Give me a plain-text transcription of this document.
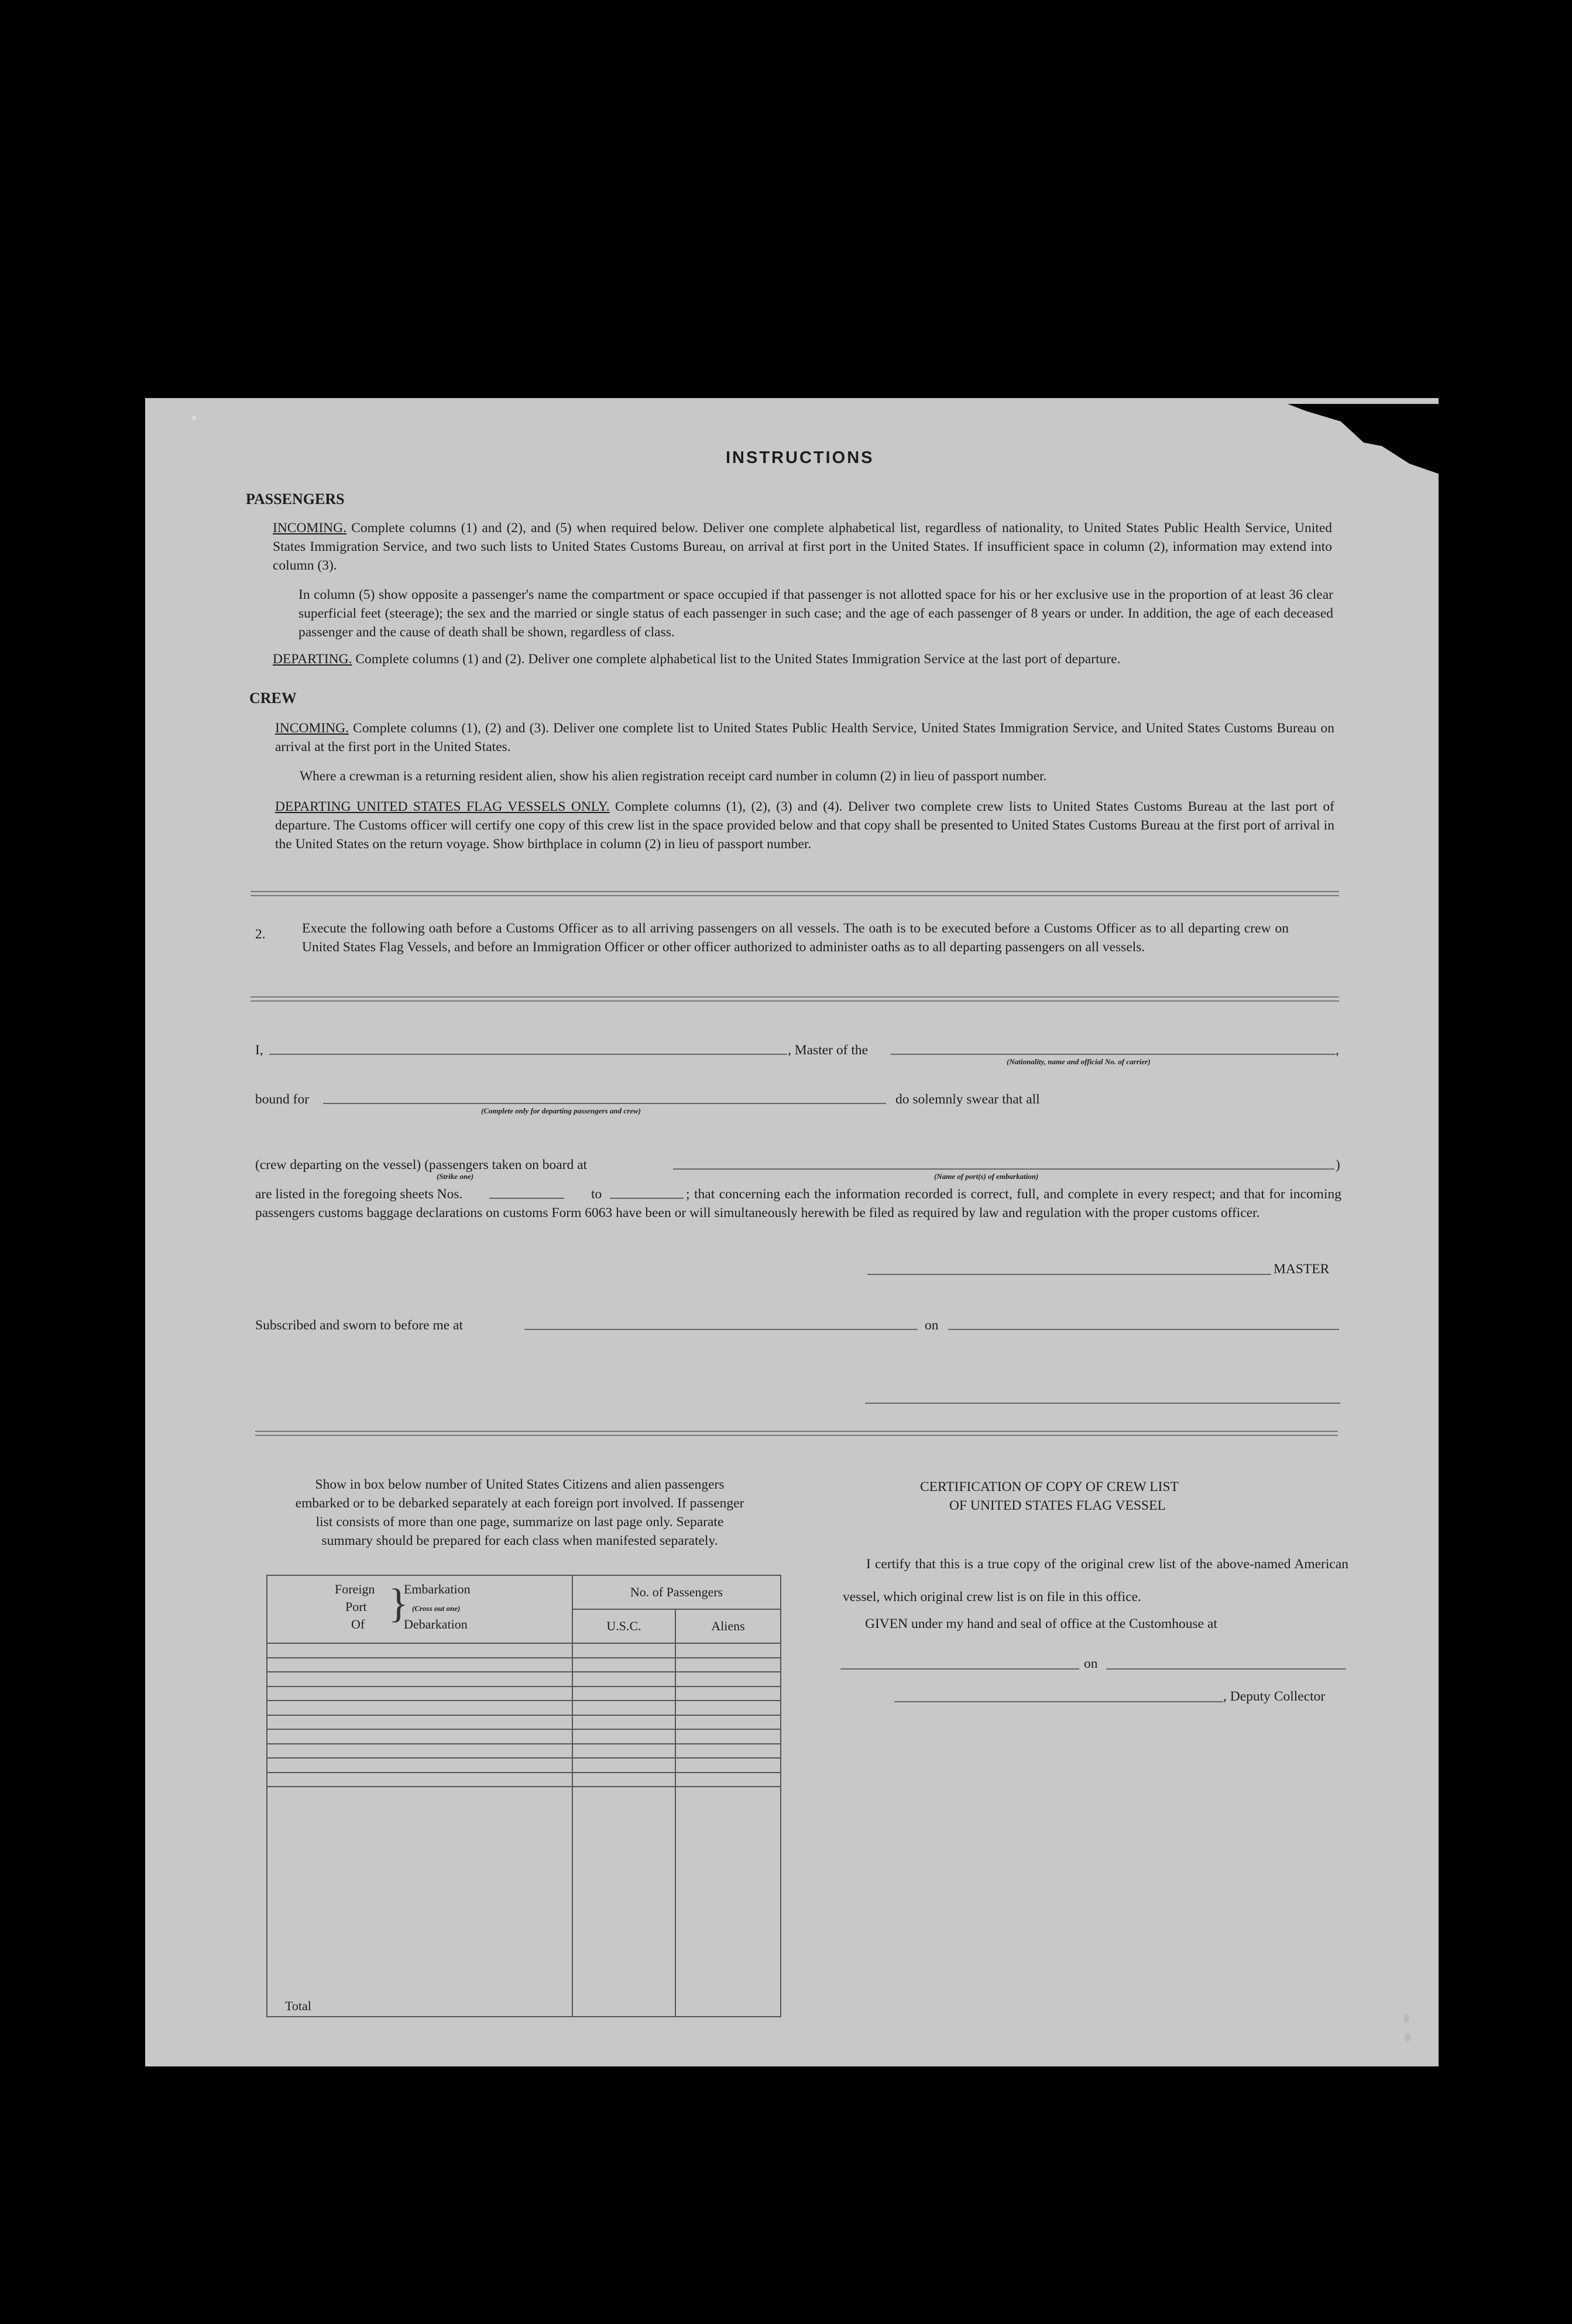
INSTRUCTIONS
PASSENGERS
INCOMING. Complete columns (1) and (2), and (5) when required below. Deliver one complete alphabetical list, regardless of nationality, to United States Public Health Service, United States Immigration Service, and two such lists to United States Customs Bureau, on arrival at first port in the United States. If insufficient space in column (2), information may extend into column (3).
In column (5) show opposite a passenger's name the compartment or space occupied if that passenger is not allotted space for his or her exclusive use in the proportion of at least 36 clear superficial feet (steerage); the sex and the married or single status of each passenger in such case; and the age of each passenger of 8 years or under. In addition, the age of each deceased passenger and the cause of death shall be shown, regardless of class.
DEPARTING. Complete columns (1) and (2). Deliver one complete alphabetical list to the United States Immigration Service at the last port of departure.
CREW
INCOMING. Complete columns (1), (2) and (3). Deliver one complete list to United States Public Health Service, United States Immigration Service, and United States Customs Bureau on arrival at the first port in the United States.
Where a crewman is a returning resident alien, show his alien registration receipt card number in column (2) in lieu of passport number.
DEPARTING UNITED STATES FLAG VESSELS ONLY. Complete columns (1), (2), (3) and (4). Deliver two complete crew lists to United States Customs Bureau at the last port of departure. The Customs officer will certify one copy of this crew list in the space provided below and that copy shall be presented to United States Customs Bureau at the first port of arrival in the United States on the return voyage. Show birthplace in column (2) in lieu of passport number.
2.	Execute the following oath before a Customs Officer as to all arriving passengers on all vessels. The oath is to be executed before a Customs Officer as to all departing crew on United States Flag Vessels, and before an Immigration Officer or other officer authorized to administer oaths as to all departing passengers on all vessels.
I,	, Master of the	,
(Nationality, name and official No. of carrier)
bound for
(Complete only for departing passengers and crew)
do solemnly swear that all
(crew departing on the vessel) (passengers taken on board at	)
(Strike one)	(Name of port(s) of embarkation)
are listed in the foregoing sheets Nos.	to	; that concerning each the information recorded is correct, full, and complete in every respect; and that for incoming passengers customs baggage declarations on customs Form 6063 have been or will simultaneously herewith be filed as required by law and regulation with the proper customs officer.
MASTER
Subscribed and sworn to before me at	on
Show in box below number of United States Citizens and alien passengers embarked or to be debarked separately at each foreign port involved. If passenger list consists of more than one page, summarize on last page only. Separate summary should be prepared for each class when manifested separately.
	No. of Passengers	
	U.S.C.	Aliens

Total		
Foreign
Port
Of }
Embarkation
(Cross out one)
Debarkation
CERTIFICATION OF COPY OF CREW LIST
OF UNITED STATES FLAG VESSEL
I certify that this is a true copy of the original crew list of the above-named American vessel, which original crew list is on file in this office.
GIVEN under my hand and seal of office at the Customhouse at
on
, Deputy Collector
